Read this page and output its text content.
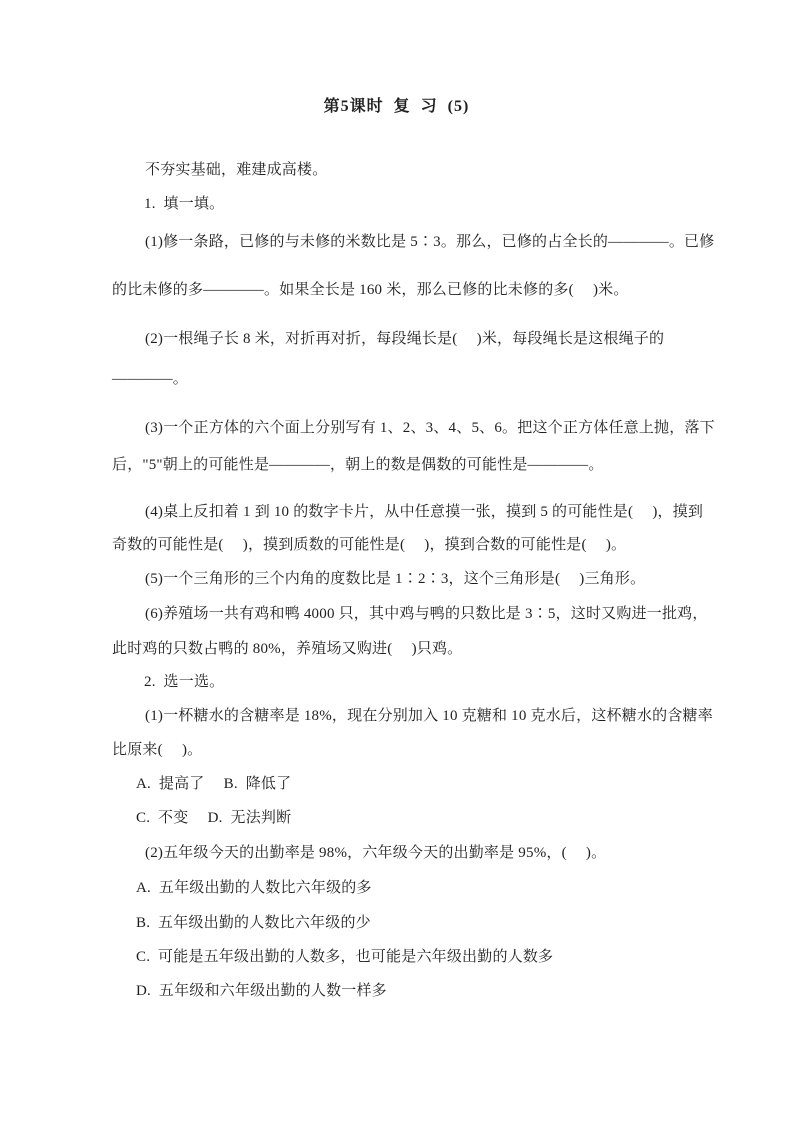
第5课时  复  习  (5)
不夯实基础，难建成高楼。
1.  填一填。
(1)修一条路，已修的与未修的米数比是 5∶3。那么，已修的占全长的————。已修
的比未修的多————。如果全长是 160 米，那么已修的比未修的多(　 )米。
(2)一根绳子长 8 米，对折再对折，每段绳长是(　 )米，每段绳长是这根绳子的
————。
(3)一个正方体的六个面上分别写有 1、2、3、4、5、6。把这个正方体任意上抛，落下
后，"5"朝上的可能性是————，朝上的数是偶数的可能性是————。
(4)桌上反扣着 1 到 10 的数字卡片，从中任意摸一张，摸到 5 的可能性是(　 )，摸到
奇数的可能性是(　 )，摸到质数的可能性是(　 )，摸到合数的可能性是(　 )。
(5)一个三角形的三个内角的度数比是 1∶2∶3，这个三角形是(　 )三角形。
(6)养殖场一共有鸡和鸭 4000 只，其中鸡与鸭的只数比是 3∶5，这时又购进一批鸡，
此时鸡的只数占鸭的 80%，养殖场又购进(　 )只鸡。
2.  选一选。
(1)一杯糖水的含糖率是 18%，现在分别加入 10 克糖和 10 克水后，这杯糖水的含糖率
比原来(　 )。
A.  提高了　 B.  降低了
C.  不变　 D.  无法判断
(2)五年级今天的出勤率是 98%，六年级今天的出勤率是 95%，(　 )。
A.  五年级出勤的人数比六年级的多
B.  五年级出勤的人数比六年级的少
C.  可能是五年级出勤的人数多，也可能是六年级出勤的人数多
D.  五年级和六年级出勤的人数一样多
